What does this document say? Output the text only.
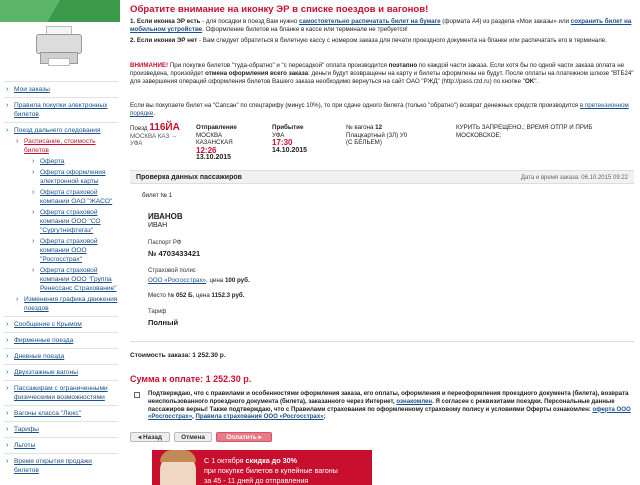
› Мои заказы
› Правила покупки электронных билетов
› Поезд дальнего следования
› Расписание, стоимость билетов
› Оферта
› Оферта оформления электронной карты
› Оферта страховой компании ОАО "ЖАСО"
› Оферта страховой компании ООО "СО "Сургутнефтегаз"
› Оферта страховой компании ООО "Росгосстрах"
› Оферта страховой компании ООО "Группа Ренессанс Страхование"
› Изменения графика движения поездов
› Сообщение с Крымом
› Фирменные поезда
› Дневные поезда
› Двухэтажные вагоны
› Пассажирам с ограниченными физическими возможностями
› Вагоны класса "Люкс"
› Тарифы
› Льготы
› Время открытия продажи билетов
Обратите внимание на иконку ЭР в списке поездов и вагонов!

1. Если иконка ЭР есть - для посадки в поезд Вам нужно самостоятельно распечатать билет на бумаге (формата А4) из раздела «Мои заказы» или сохранить билет на мобильном устройстве. Оформление билетов на бланке в кассе или терминале не требуется!

2. Если иконки ЭР нет - Вам следует обратиться в билетную кассу с номером заказа для печати проездного документа на бланке или распечатать его в терминале.

ВНИМАНИЕ! При покупке билетов "туда-обратно" и "с пересадкой" оплата производится поэтапно по каждой части заказа. Если хотя бы по одной части заказа оплата не произведена, произойдет отмена оформления всего заказа: деньги будут возвращены на карту и билеты оформлены не будут. После оплаты на платежном шлюзе "ВТБ24" для завершения операций оформления билетов Вашего заказа необходимо вернуться на сайт ОАО "РЖД" (http://pass.rzd.ru) по кнопке "OK".
Если вы покупаете билет на "Сапсан" по спецтарифу (минус 10%), то при сдаче одного билета (только "обратно") возврат денежных средств производится в претензионном порядке.
Поезд 116ЙА
МОСКВА КАЗ →
УФА
Отправление
МОСКВА
КАЗАНСКАЯ
12:26
13.10.2015
Прибытие
УФА
17:30
14.10.2015
№ вагона 12
Плацкартный (3Л) У0
(С БЕЛЬЕМ)
КУРИТЬ ЗАПРЕЩЕНО.; ВРЕМЯ ОТПР И ПРИБ МОСКОВСКОЕ;
Проверка данных пассажиров	Дата и время заказа: 06.10.2015 09:22
билет № 1
ИВАНОВ
ИВАН
Паспорт РФ
№ 4703433421
Страховой полис
ООО «Росгосстрах», цена 100 руб.
Место № 052 Б, цена 1152.3 руб.
Тариф
Полный
Стоимость заказа: 1 252.30 р.
Сумма к оплате: 1 252.30 р.
Подтверждаю, что с правилами и особенностями оформления заказа, его оплаты, оформления и переоформления проездного документа (билета), возврата неиспользованного проездного документа (билета), заказанного через Интернет, ознакомлен. Я согласен с реквизитами поездки. Персональные данные пассажиров верны! Также подтверждаю, что с Правилами страхования по оформленному страховому полису и условиями Оферты ознакомлен: оферта ООО «Росгосстрах», Правила страхования ООО «Росгосстрах»;
◂ Назад	Отмена	Оплатить ▸
С 1 октября скидка до 30%
при покупке билетов в купейные вагоны
за 45 - 11 дней до отправления
